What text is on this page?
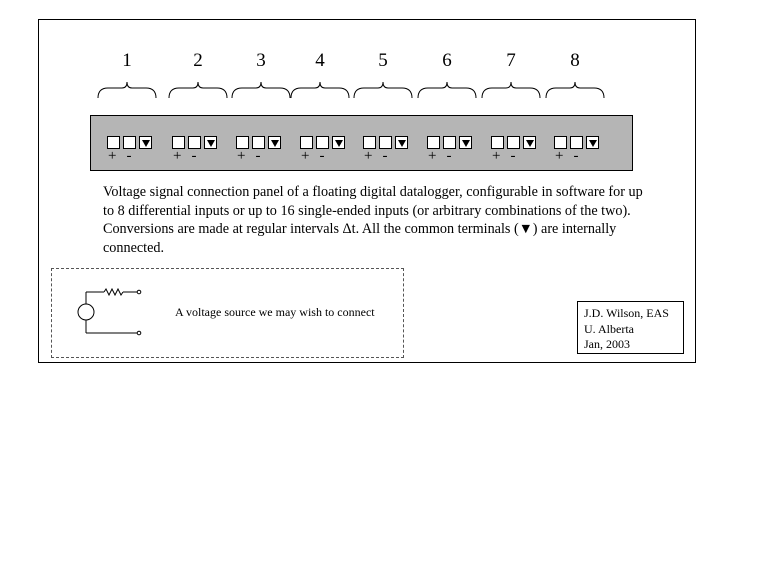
1	2	3	4	5	6	7	8
+ -	+ -	+ -	+ -	+ -	+ -	+ -	+ -
Voltage signal connection panel of a floating digital datalogger, configurable in software for up to 8 differential inputs or up to 16 single-ended inputs (or arbitrary combinations of the two). Conversions are made at regular intervals Δt. All the common terminals (▼) are internally connected.
A voltage source we may wish to connect	J.D. Wilson, EAS
U. Alberta
Jan, 2003
